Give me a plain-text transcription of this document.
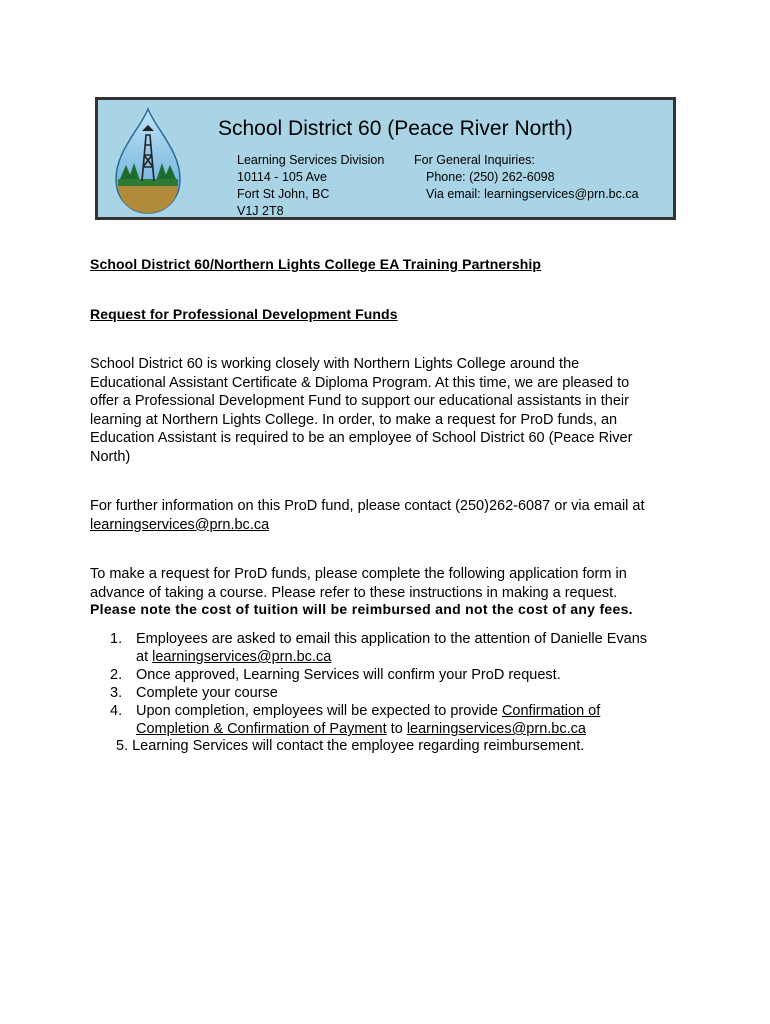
School District 60 (Peace River North)
Learning Services Division
10114 - 105 Ave
Fort St John, BC
V1J 2T8
For General Inquiries:
Phone: (250) 262-6098
Via email: learningservices@prn.bc.ca
School District 60/Northern Lights College EA Training Partnership
Request for Professional Development Funds
School District 60 is working closely with Northern Lights College around the
Educational Assistant Certificate & Diploma Program. At this time, we are pleased to
offer a Professional Development Fund to support our educational assistants in their
learning at Northern Lights College. In order, to make a request for ProD funds, an
Education Assistant is required to be an employee of School District 60 (Peace River
North)
For further information on this ProD fund, please contact (250)262-6087 or via email at
learningservices@prn.bc.ca
To make a request for ProD funds, please complete the following application form in
advance of taking a course. Please refer to these instructions in making a request.
Please note the cost of tuition will be reimbursed and not the cost of any fees.
1. Employees are asked to email this application to the attention of Danielle Evans
at learningservices@prn.bc.ca
2. Once approved, Learning Services will confirm your ProD request.
3. Complete your course
4. Upon completion, employees will be expected to provide Confirmation of
Completion & Confirmation of Payment to learningservices@prn.bc.ca
5. Learning Services will contact the employee regarding reimbursement.
